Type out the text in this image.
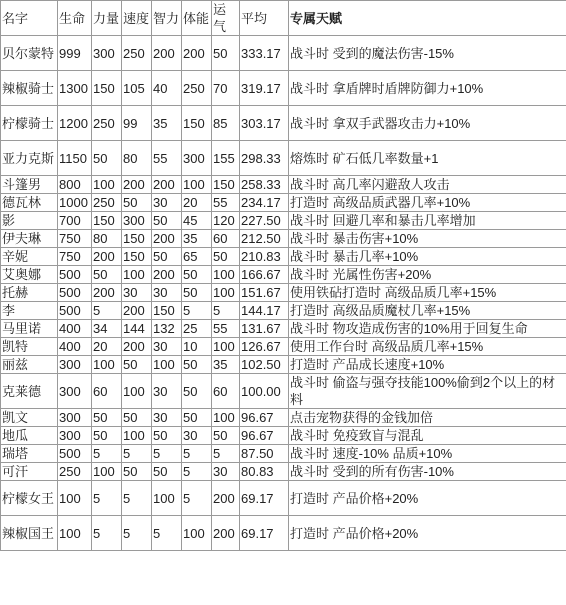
名字	生命	力量	速度	智力	体能	运气	平均	专属天赋
贝尔蒙特	999	300	250	200	200	50	333.17	战斗时 受到的魔法伤害-15%
辣椒骑士	1300	150	105	40	250	70	319.17	战斗时 拿盾牌时盾牌防御力+10%
柠檬骑士	1200	250	99	35	150	85	303.17	战斗时 拿双手武器攻击力+10%
亚力克斯	1150	50	80	55	300	155	298.33	熔炼时 矿石低几率数量+1
斗篷男	800	100	200	200	100	150	258.33	战斗时 高几率闪避敌人攻击
德瓦林	1000	250	50	30	20	55	234.17	打造时 高级品质武器几率+10%
影	700	150	300	50	45	120	227.50	战斗时 回避几率和暴击几率增加
伊夫琳	750	80	150	200	35	60	212.50	战斗时 暴击伤害+10%
辛妮	750	200	150	50	65	50	210.83	战斗时 暴击几率+10%
艾奥娜	500	50	100	200	50	100	166.67	战斗时 光属性伤害+20%
托赫	500	200	30	30	50	100	151.67	使用铁砧打造时 高级品质几率+15%
李	500	5	200	150	5	5	144.17	打造时 高级品质魔杖几率+15%
马里诺	400	34	144	132	25	55	131.67	战斗时 物攻造成伤害的10%用于回复生命
凯特	400	20	200	30	10	100	126.67	使用工作台时 高级品质几率+15%
丽兹	300	100	50	100	50	35	102.50	打造时 产品成长速度+10%
克莱德	300	60	100	30	50	60	100.00	战斗时 偷盗与强夺技能100%偷到2个以上的材料
凯文	300	50	50	30	50	100	96.67	点击宠物获得的金钱加倍
地瓜	300	50	100	50	30	50	96.67	战斗时 免疫致盲与混乱
瑞塔	500	5	5	5	5	5	87.50	战斗时 速度-10% 品质+10%
可汗	250	100	50	50	5	30	80.83	战斗时 受到的所有伤害-10%
柠檬女王	100	5	5	100	5	200	69.17	打造时 产品价格+20%
辣椒国王	100	5	5	5	100	200	69.17	打造时 产品价格+20%
